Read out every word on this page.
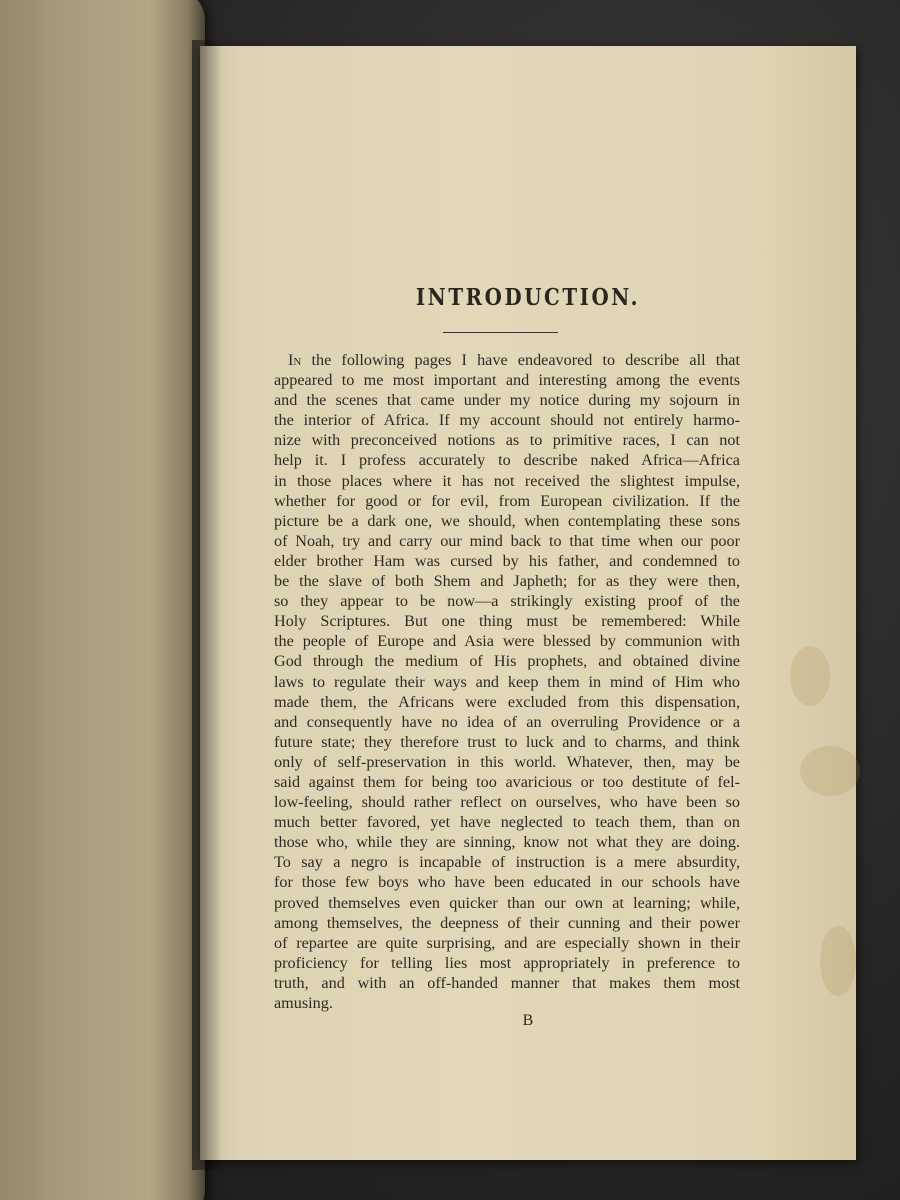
INTRODUCTION.
In the following pages I have endeavored to describe all that
appeared to me most important and interesting among the events
and the scenes that came under my notice during my sojourn in
the interior of Africa. If my account should not entirely harmo-
nize with preconceived notions as to primitive races, I can not
help it. I profess accurately to describe naked Africa—Africa
in those places where it has not received the slightest impulse,
whether for good or for evil, from European civilization. If the
picture be a dark one, we should, when contemplating these sons
of Noah, try and carry our mind back to that time when our poor
elder brother Ham was cursed by his father, and condemned to
be the slave of both Shem and Japheth; for as they were then,
so they appear to be now—a strikingly existing proof of the
Holy Scriptures. But one thing must be remembered: While
the people of Europe and Asia were blessed by communion with
God through the medium of His prophets, and obtained divine
laws to regulate their ways and keep them in mind of Him who
made them, the Africans were excluded from this dispensation,
and consequently have no idea of an overruling Providence or a
future state; they therefore trust to luck and to charms, and think
only of self-preservation in this world. Whatever, then, may be
said against them for being too avaricious or too destitute of fel-
low-feeling, should rather reflect on ourselves, who have been so
much better favored, yet have neglected to teach them, than on
those who, while they are sinning, know not what they are doing.
To say a negro is incapable of instruction is a mere absurdity,
for those few boys who have been educated in our schools have
proved themselves even quicker than our own at learning; while,
among themselves, the deepness of their cunning and their power
of repartee are quite surprising, and are especially shown in their
proficiency for telling lies most appropriately in preference to
truth, and with an off-handed manner that makes them most
amusing.
B
